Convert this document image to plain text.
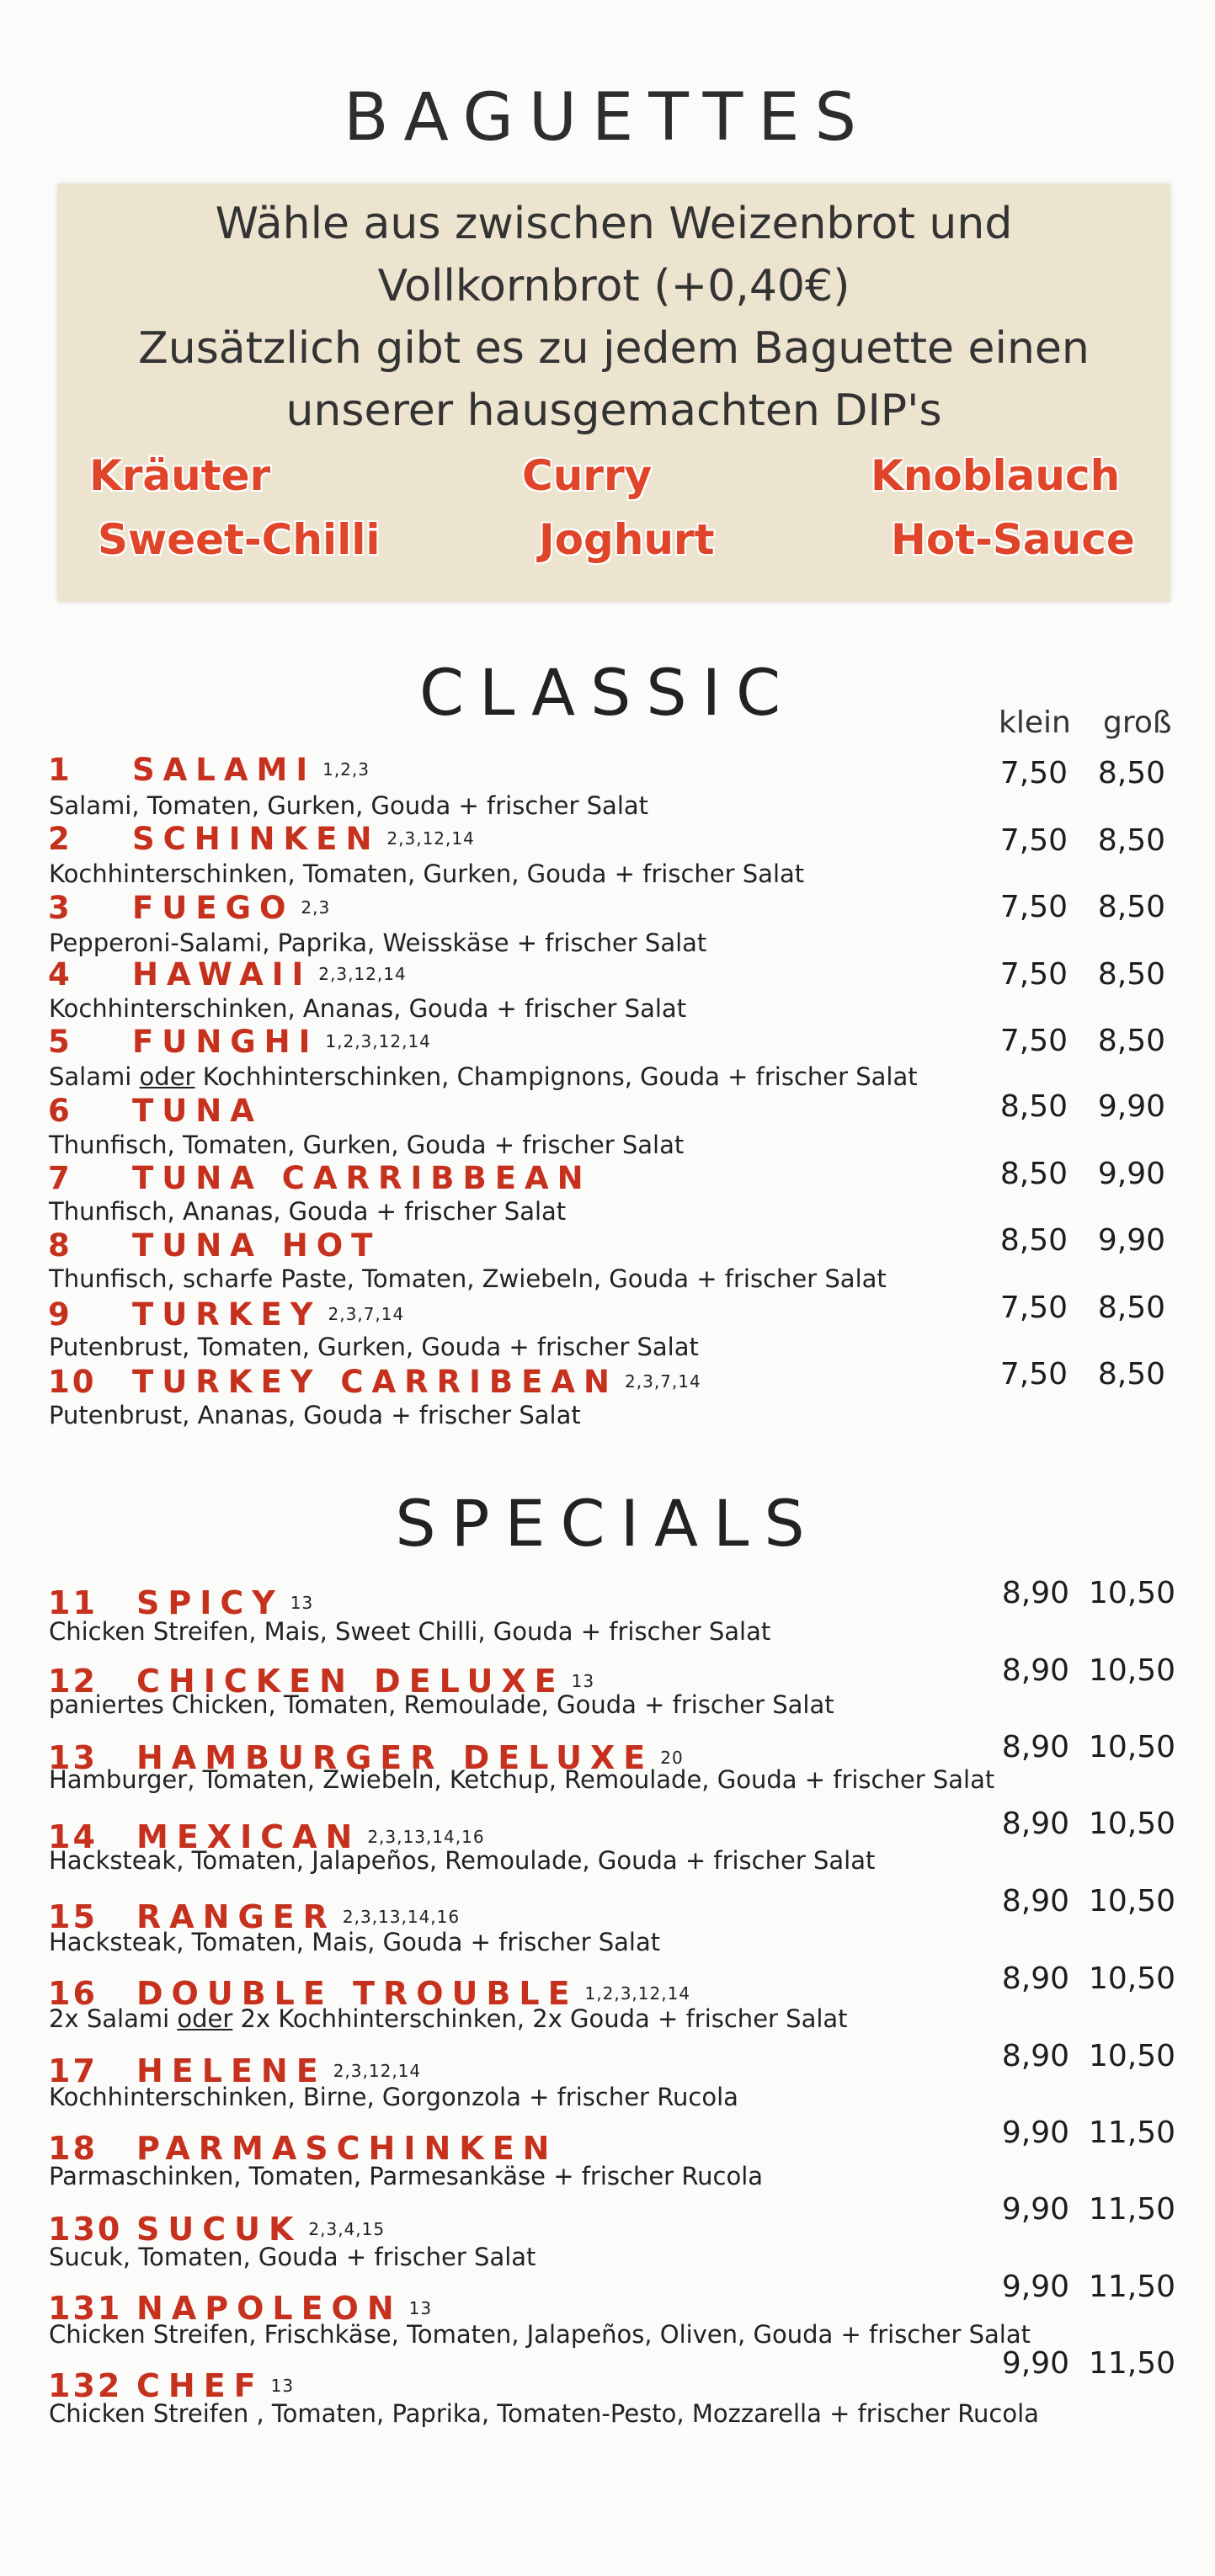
BAGUETTES
Wähle aus zwischen Weizenbrot und
Vollkornbrot (+0,40€)
Zusätzlich gibt es zu jedem Baguette einen
unserer hausgemachten DIP's
Kräuter	Curry	Knoblauch
Sweet-Chilli	Joghurt	Hot-Sauce
CLASSIC	klein groß
1 SALAMI $^{1,2,3}$
Salami, Tomaten, Gurken, Gouda + frischer Salat
7,50 8,50
2 SCHINKEN $^{2,3,12,14}$
Kochhinterschinken, Tomaten, Gurken, Gouda + frischer Salat
7,50 8,50
3 FUEGO $^{2,3}$
Pepperoni-Salami, Paprika, Weisskäse + frischer Salat
7,50 8,50
4 HAWAII $^{2,3,12,14}$
Kochhinterschinken, Ananas, Gouda + frischer Salat
7,50 8,50
5 FUNGHI $^{1,2,3,12,14}$
Salami oder Kochhinterschinken, Champignons, Gouda + frischer Salat
7,50 8,50
6 TUNA
Thunfisch, Tomaten, Gurken, Gouda + frischer Salat
8,50 9,90
7 TUNA CARRIBBEAN
Thunfisch, Ananas, Gouda + frischer Salat
8,50 9,90
8 TUNA HOT
Thunfisch, scharfe Paste, Tomaten, Zwiebeln, Gouda + frischer Salat
8,50 9,90
9 TURKEY $^{2,3,7,14}$
Putenbrust, Tomaten, Gurken, Gouda + frischer Salat
7,50 8,50
10 TURKEY CARRIBEAN $^{2,3,7,14}$
Putenbrust, Ananas, Gouda + frischer Salat
7,50 8,50
SPECIALS
11 SPICY $^{13}$
Chicken Streifen, Mais, Sweet Chilli, Gouda + frischer Salat
8,90 10,50
12 CHICKEN DELUXE $^{13}$
paniertes Chicken, Tomaten, Remoulade, Gouda + frischer Salat
8,90 10,50
13 HAMBURGER DELUXE $^{20}$
Hamburger, Tomaten, Zwiebeln, Ketchup, Remoulade, Gouda + frischer Salat
8,90 10,50
14 MEXICAN $^{2,3,13,14,16}$
Hacksteak, Tomaten, Jalapeños, Remoulade, Gouda + frischer Salat
8,90 10,50
15 RANGER $^{2,3,13,14,16}$
Hacksteak, Tomaten, Mais, Gouda + frischer Salat
8,90 10,50
16 DOUBLE TROUBLE $^{1,2,3,12,14}$
2x Salami oder 2x Kochhinterschinken, 2x Gouda + frischer Salat
8,90 10,50
17 HELENE $^{2,3,12,14}$
Kochhinterschinken, Birne, Gorgonzola + frischer Rucola
8,90 10,50
18 PARMASCHINKEN
Parmaschinken, Tomaten, Parmesankäse + frischer Rucola
9,90 11,50
130 SUCUK $^{2,3,4,15}$
Sucuk, Tomaten, Gouda + frischer Salat
9,90 11,50
131 NAPOLEON $^{13}$
Chicken Streifen, Frischkäse, Tomaten, Jalapeños, Oliven, Gouda + frischer Salat
9,90 11,50
132 CHEF $^{13}$
Chicken Streifen , Tomaten, Paprika, Tomaten-Pesto, Mozzarella + frischer Rucola
9,90 11,50
